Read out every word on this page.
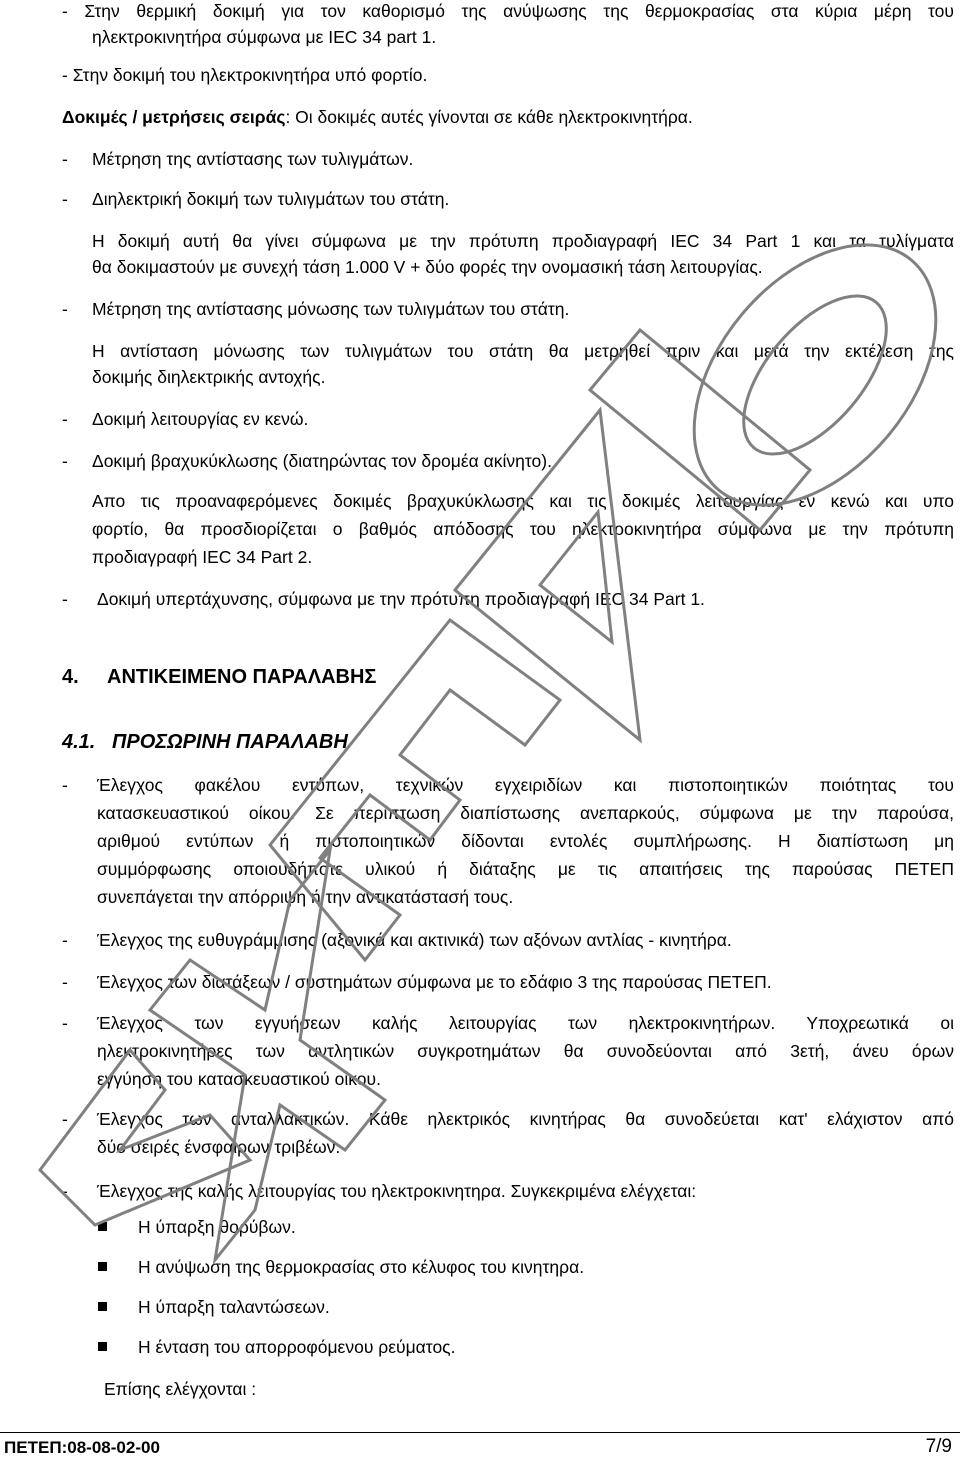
- Στην θερμική δοκιμή για τον καθορισμό της ανύψωσης της θερμοκρασίας στα κύρια μέρη του
ηλεκτροκινητήρα σύμφωνα με IEC 34 part 1.
- Στην δοκιμή του ηλεκτροκινητήρα υπό φορτίο.
Δοκιμές / μετρήσεις σειράς: Οι δοκιμές αυτές γίνονται σε κάθε ηλεκτροκινητήρα.
- Μέτρηση της αντίστασης των τυλιγμάτων.
- Διηλεκτρική δοκιμή των τυλιγμάτων του στάτη.
Η δοκιμή αυτή θα γίνει σύμφωνα με την πρότυπη προδιαγραφή IEC 34 Part 1 και τα τυλίγματα
θα δοκιμαστούν με συνεχή τάση 1.000 V + δύο φορές την ονομασική τάση λειτουργίας.
- Μέτρηση της αντίστασης μόνωσης των τυλιγμάτων του στάτη.
Η αντίσταση μόνωσης των τυλιγμάτων του στάτη θα μετρηθεί πριν και μετά την εκτέλεση της
δοκιμής διηλεκτρικής αντοχής.
- Δοκιμή λειτουργίας εν κενώ.
- Δοκιμή βραχυκύκλωσης (διατηρώντας τον δρομέα ακίνητο).
Απο τις προαναφερόμενες δοκιμές βραχυκύκλωσης και τις δοκιμές λειτουργίας εν κενώ και υπο
φορτίο, θα προσδιορίζεται ο βαθμός απόδοσης του ηλεκτροκινητήρα σύμφωνα με την πρότυπη
προδιαγραφή IEC 34 Part 2.
- Δοκιμή υπερτάχυνσης, σύμφωνα με την πρότυπη προδιαγραφή IEC 34 Part 1.
4. ΑΝΤΙΚΕΙΜΕΝΟ ΠΑΡΑΛΑΒΗΣ
4.1. ΠΡΟΣΩΡΙΝΗ ΠΑΡΑΛΑΒΗ
- Έλεγχος φακέλου εντύπων, τεχνικών εγχειριδίων και πιστοποιητικών ποιότητας του
κατασκευαστικού οίκου. Σε περίπτωση διαπίστωσης ανεπαρκούς, σύμφωνα με την παρούσα,
αριθμού εντύπων ή πιστοποιητικών δίδονται εντολές συμπλήρωσης. Η διαπίστωση μη
συμμόρφωσης οποιουδήποτε υλικού ή διάταξης με τις απαιτήσεις της παρούσας ΠΕΤΕΠ
συνεπάγεται την απόρριψη ή την αντικατάστασή τους.
- Έλεγχος της ευθυγράμμισης (αξονικά και ακτινικά) των αξόνων αντλίας - κινητήρα.
- Έλεγχος των διατάξεων / συστημάτων σύμφωνα με το εδάφιο 3 της παρούσας ΠΕΤΕΠ.
- Έλεγχος των εγγυήσεων καλής λειτουργίας των ηλεκτροκινητήρων. Υποχρεωτικά οι
ηλεκτροκινητήρες των αντλητικών συγκροτημάτων θα συνοδεύονται από 3ετή, άνευ όρων
εγγύηση του κατασκευαστικού οίκου.
- Έλεγχος των ανταλλακτικών. Κάθε ηλεκτρικός κινητήρας θα συνοδεύεται κατ' ελάχιστον από
δύο σειρές ένσφαιρων τριβέων.
- Έλεγχος της καλής λειτουργίας του ηλεκτροκινητηρα. Συγκεκριμένα ελέγχεται:
Η ύπαρξη θορύβων.
Η ανύψωση της θερμοκρασίας στο κέλυφος του κινητηρα.
Η ύπαρξη ταλαντώσεων.
Η ένταση του απορροφόμενου ρεύματος.
Επίσης ελέγχονται :
ΠΕΤΕΠ:08-08-02-00	7/9
